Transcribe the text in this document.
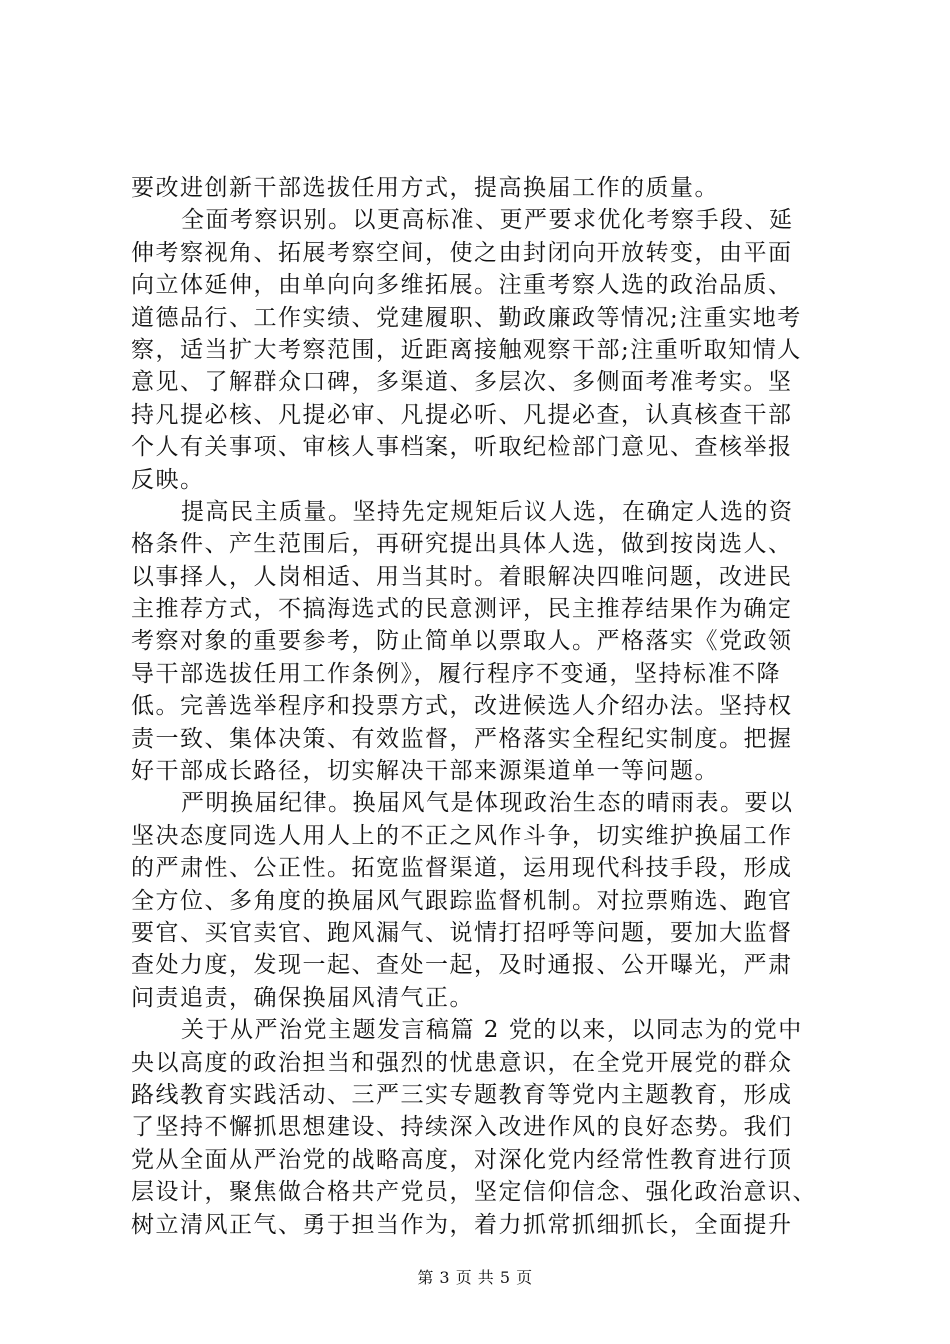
要改进创新干部选拔任用方式，提高换届工作的质量。
全面考察识别。以更高标准、更严要求优化考察手段、延
伸考察视角、拓展考察空间，使之由封闭向开放转变，由平面
向立体延伸，由单向向多维拓展。注重考察人选的政治品质、
道德品行、工作实绩、党建履职、勤政廉政等情况;注重实地考
察，适当扩大考察范围，近距离接触观察干部;注重听取知情人
意见、了解群众口碑，多渠道、多层次、多侧面考准考实。坚
持凡提必核、凡提必审、凡提必听、凡提必查，认真核查干部
个人有关事项、审核人事档案，听取纪检部门意见、查核举报
反映。
提高民主质量。坚持先定规矩后议人选，在确定人选的资
格条件、产生范围后，再研究提出具体人选，做到按岗选人、
以事择人，人岗相适、用当其时。着眼解决四唯问题，改进民
主推荐方式，不搞海选式的民意测评，民主推荐结果作为确定
考察对象的重要参考，防止简单以票取人。严格落实《党政领
导干部选拔任用工作条例》，履行程序不变通，坚持标准不降
低。完善选举程序和投票方式，改进候选人介绍办法。坚持权
责一致、集体决策、有效监督，严格落实全程纪实制度。把握
好干部成长路径，切实解决干部来源渠道单一等问题。
严明换届纪律。换届风气是体现政治生态的晴雨表。要以
坚决态度同选人用人上的不正之风作斗争，切实维护换届工作
的严肃性、公正性。拓宽监督渠道，运用现代科技手段，形成
全方位、多角度的换届风气跟踪监督机制。对拉票贿选、跑官
要官、买官卖官、跑风漏气、说情打招呼等问题，要加大监督
查处力度，发现一起、查处一起，及时通报、公开曝光，严肃
问责追责，确保换届风清气正。
关于从严治党主题发言稿篇 2 党的以来，以同志为的党中
央以高度的政治担当和强烈的忧患意识，在全党开展党的群众
路线教育实践活动、三严三实专题教育等党内主题教育，形成
了坚持不懈抓思想建设、持续深入改进作风的良好态势。我们
党从全面从严治党的战略高度，对深化党内经常性教育进行顶
层设计，聚焦做合格共产党员，坚定信仰信念、强化政治意识、
树立清风正气、勇于担当作为，着力抓常抓细抓长，全面提升
第 3 页 共 5 页
